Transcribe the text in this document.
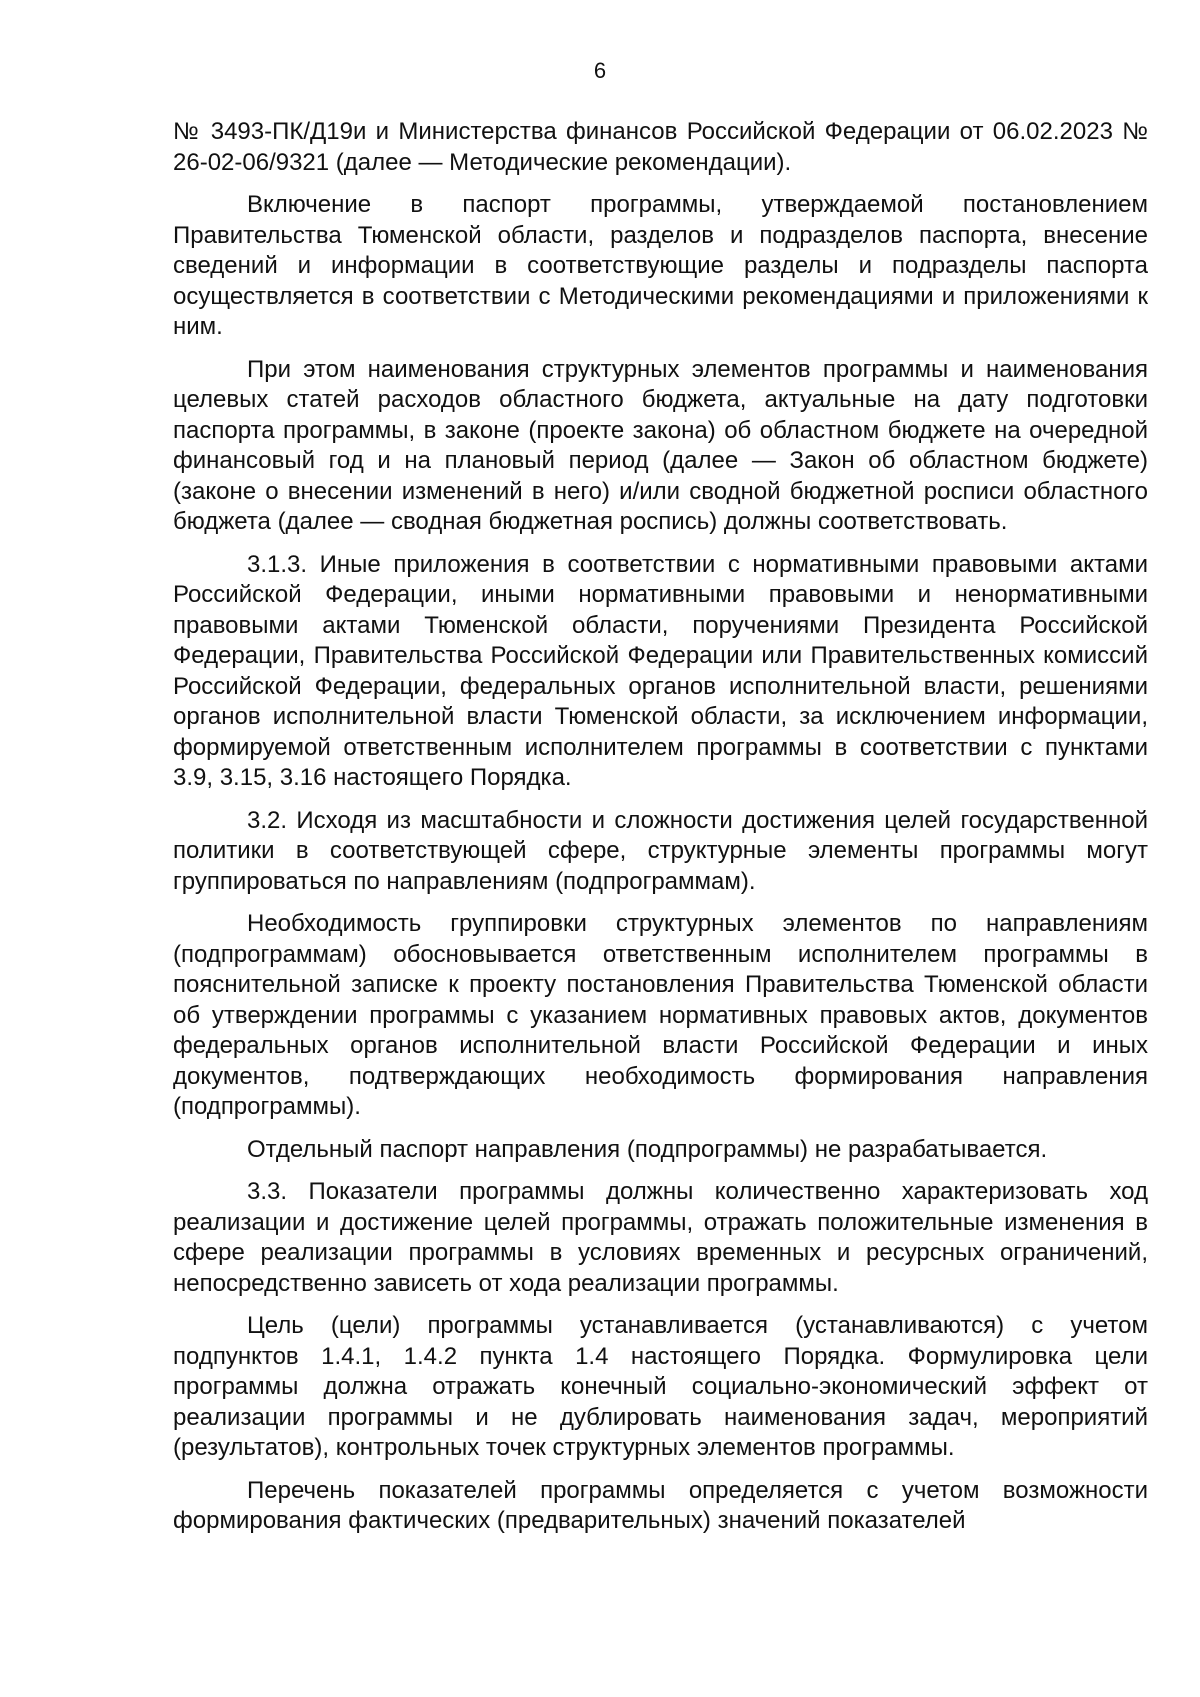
6

№ 3493-ПК/Д19и и Министерства финансов Российской Федерации от 06.02.2023 № 26-02-06/9321 (далее — Методические рекомендации).

Включение в паспорт программы, утверждаемой постановлением Правительства Тюменской области, разделов и подразделов паспорта, внесение сведений и информации в соответствующие разделы и подразделы паспорта осуществляется в соответствии с Методическими рекомендациями и приложениями к ним.

При этом наименования структурных элементов программы и наименования целевых статей расходов областного бюджета, актуальные на дату подготовки паспорта программы, в законе (проекте закона) об областном бюджете на очередной финансовый год и на плановый период (далее — Закон об областном бюджете) (законе о внесении изменений в него) и/или сводной бюджетной росписи областного бюджета (далее — сводная бюджетная роспись) должны соответствовать.

3.1.3. Иные приложения в соответствии с нормативными правовыми актами Российской Федерации, иными нормативными правовыми и ненормативными правовыми актами Тюменской области, поручениями Президента Российской Федерации, Правительства Российской Федерации или Правительственных комиссий Российской Федерации, федеральных органов исполнительной власти, решениями органов исполнительной власти Тюменской области, за исключением информации, формируемой ответственным исполнителем программы в соответствии с пунктами 3.9, 3.15, 3.16 настоящего Порядка.

3.2. Исходя из масштабности и сложности достижения целей государственной политики в соответствующей сфере, структурные элементы программы могут группироваться по направлениям (подпрограммам).

Необходимость группировки структурных элементов по направлениям (подпрограммам) обосновывается ответственным исполнителем программы в пояснительной записке к проекту постановления Правительства Тюменской области об утверждении программы с указанием нормативных правовых актов, документов федеральных органов исполнительной власти Российской Федерации и иных документов, подтверждающих необходимость формирования направления (подпрограммы).

Отдельный паспорт направления (подпрограммы) не разрабатывается.

3.3. Показатели программы должны количественно характеризовать ход реализации и достижение целей программы, отражать положительные изменения в сфере реализации программы в условиях временных и ресурсных ограничений, непосредственно зависеть от хода реализации программы.

Цель (цели) программы устанавливается (устанавливаются) с учетом подпунктов 1.4.1, 1.4.2 пункта 1.4 настоящего Порядка. Формулировка цели программы должна отражать конечный социально-экономический эффект от реализации программы и не дублировать наименования задач, мероприятий (результатов), контрольных точек структурных элементов программы.

Перечень показателей программы определяется с учетом возможности формирования фактических (предварительных) значений показателей
